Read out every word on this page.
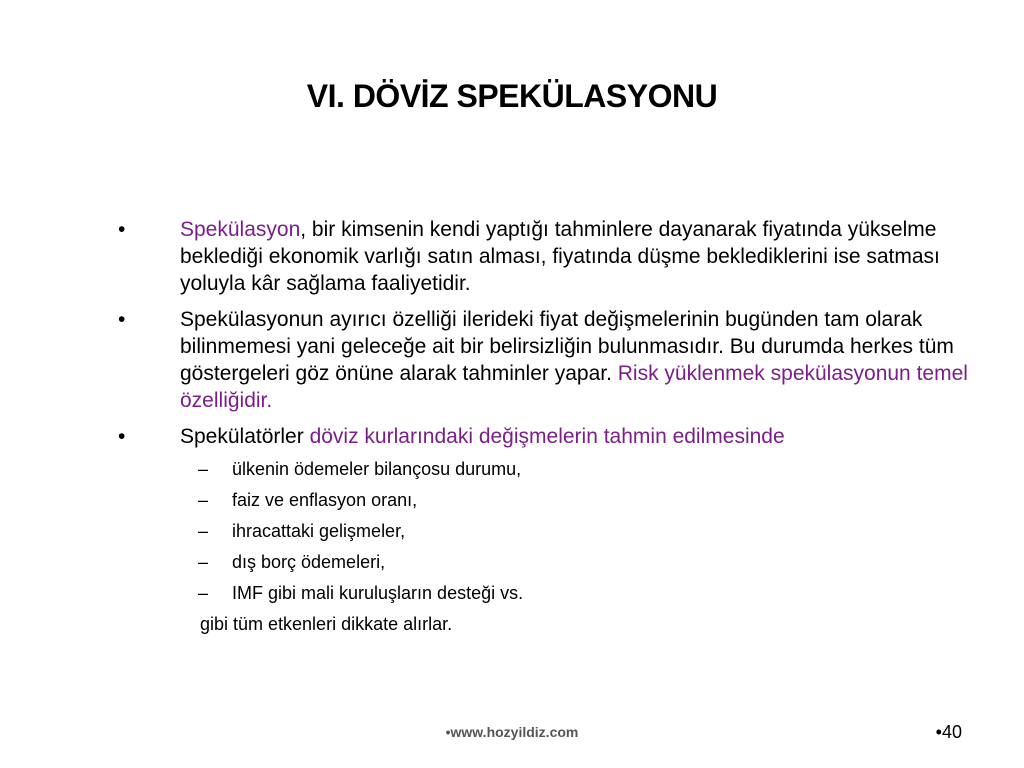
VI. DÖVİZ SPEKÜLASYONU
•	Spekülasyon, bir kimsenin kendi yaptığı tahminlere dayanarak fiyatında yükselme beklediği ekonomik varlığı satın alması, fiyatında düşme beklediklerini ise satması yoluyla kâr sağlama faaliyetidir.
•	Spekülasyonun ayırıcı özelliği ilerideki fiyat değişmelerinin bugünden tam olarak bilinmemesi yani geleceğe ait bir belirsizliğin bulunmasıdır. Bu durumda herkes tüm göstergeleri göz önüne alarak tahminler yapar. Risk yüklenmek spekülasyonun temel özelliğidir.
•	Spekülatörler döviz kurlarındaki değişmelerin tahmin edilmesinde
– ülkenin ödemeler bilançosu durumu,
– faiz ve enflasyon oranı,
– ihracattaki gelişmeler,
– dış borç ödemeleri,
– IMF gibi mali kuruluşların desteği vs.
gibi tüm etkenleri dikkate alırlar.
•www.hozyildiz.com	•40
